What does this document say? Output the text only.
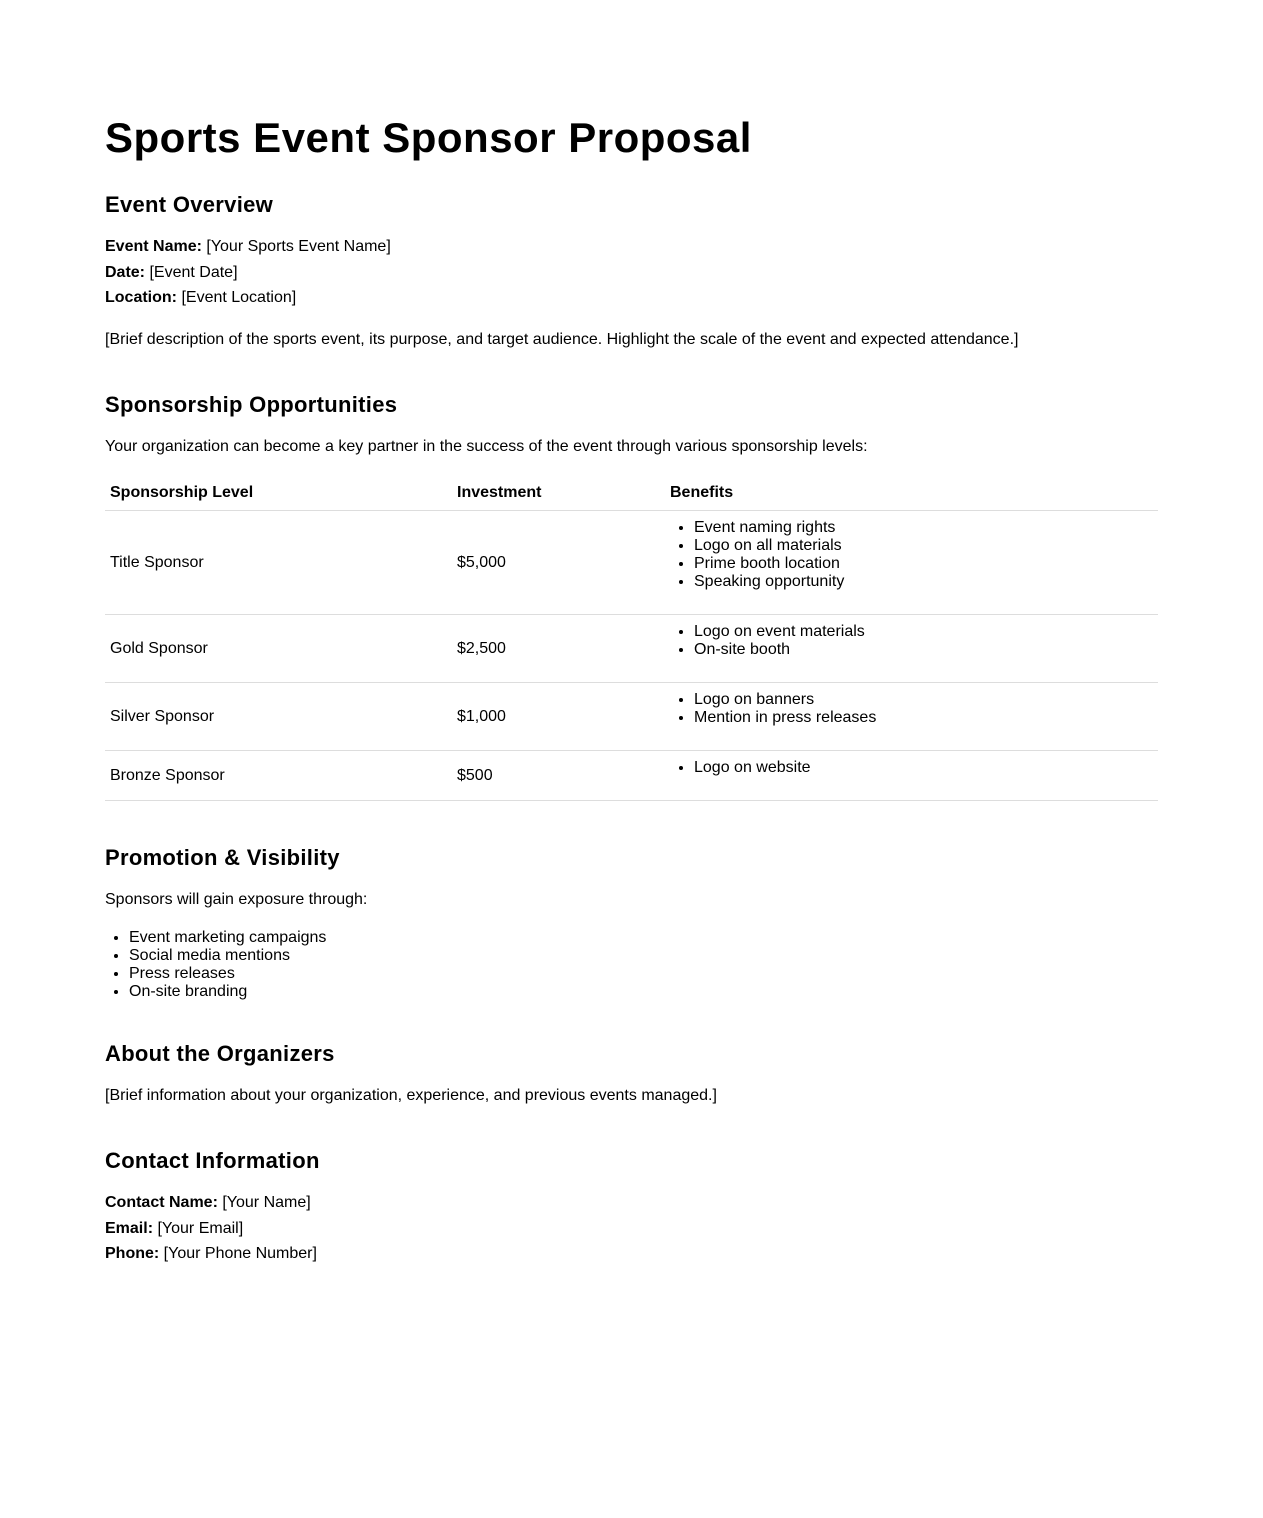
Sports Event Sponsor Proposal
Event Overview
Event Name: [Your Sports Event Name]
Date: [Event Date]
Location: [Event Location]

[Brief description of the sports event, its purpose, and target audience. Highlight the scale of the event and expected attendance.]

Sponsorship Opportunities

Your organization can become a key partner in the success of the event through various sponsorship levels:

Sponsorship Level	Investment	Benefits
Title Sponsor	$5,000	
• Event naming rights
• Logo on all materials
• Prime booth location
• Speaking opportunity

Gold Sponsor	$2,500	
• Logo on event materials
• On-site booth

Silver Sponsor	$1,000	
• Logo on banners
• Mention in press releases

Bronze Sponsor	$500	
•Logo on website
Promotion & Visibility

Sponsors will gain exposure through:

• Event marketing campaigns
• Social media mentions
• Press releases
• On-site branding
About the Organizers

[Brief information about your organization, experience, and previous events managed.]

Contact Information
Contact Name: [Your Name]
Email: [Your Email]
Phone: [Your Phone Number]
